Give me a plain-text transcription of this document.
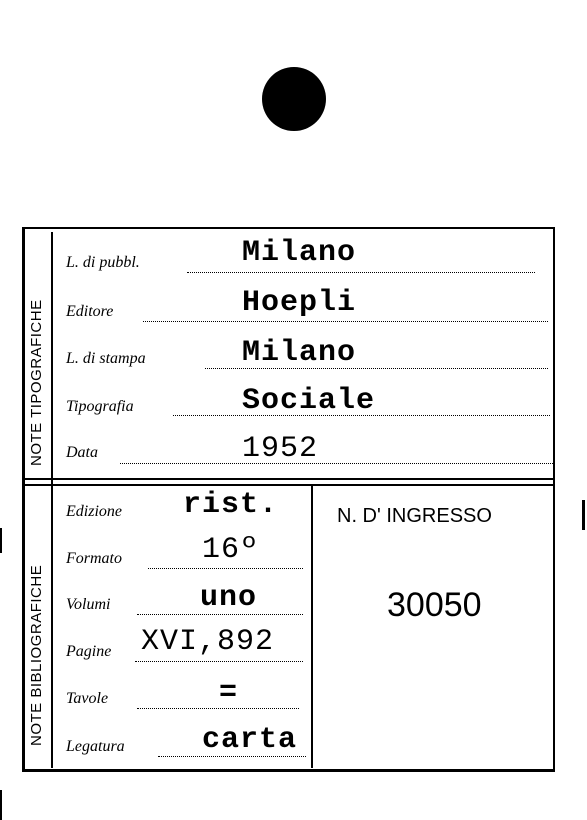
NOTE TIPOGRAFICHE
NOTE BIBLIOGRAFICHE
L. di pubbl.	Milano
Editore	Hoepli
L. di stampa	Milano
Tipografia	Sociale
Data	1952
Edizione rist.
Formato	16º
Volumi	uno
Pagine XVI,892
Tavole	=
Legatura	carta
N. D' INGRESSO
30050
